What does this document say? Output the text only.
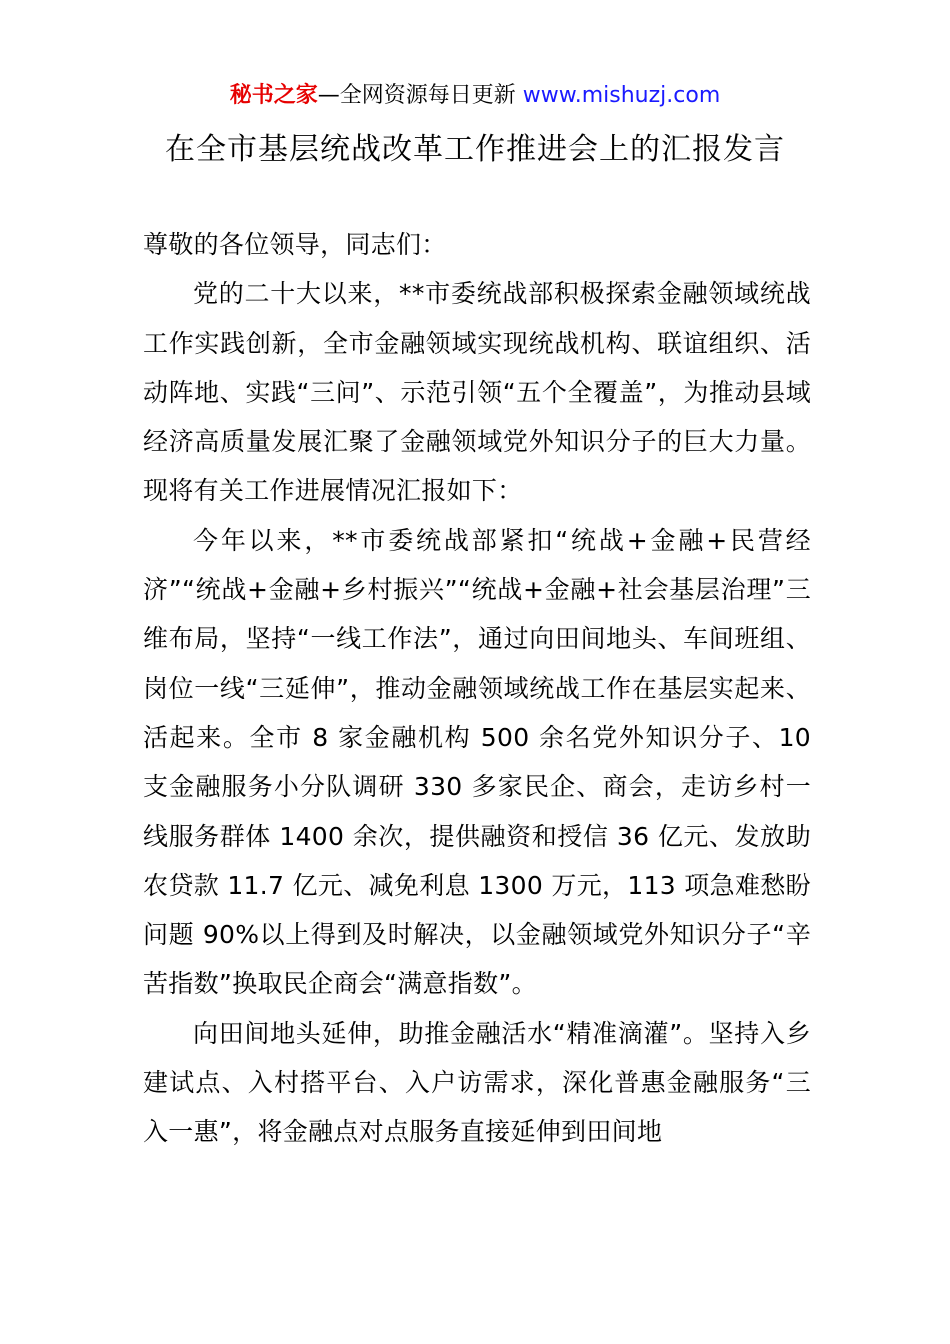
秘书之家—全网资源每日更新 www.mishuzj.com
在全市基层统战改革工作推进会上的汇报发言

尊敬的各位领导，同志们：

党的二十大以来，**市委统战部积极探索金融领域统战工作实践创新，全市金融领域实现统战机构、联谊组织、活动阵地、实践“三问”、示范引领“五个全覆盖”，为推动县域经济高质量发展汇聚了金融领域党外知识分子的巨大力量。现将有关工作进展情况汇报如下：

今年以来，**市委统战部紧扣“统战+金融+民营经济”“统战+金融+乡村振兴”“统战+金融+社会基层治理”三维布局，坚持“一线工作法”，通过向田间地头、车间班组、岗位一线“三延伸”，推动金融领域统战工作在基层实起来、活起来。全市 8 家金融机构 500 余名党外知识分子、10 支金融服务小分队调研 330 多家民企、商会，走访乡村一线服务群体 1400 余次，提供融资和授信 36 亿元、发放助农贷款 11.7 亿元、减免利息 1300 万元，113 项急难愁盼问题 90%以上得到及时解决，以金融领域党外知识分子“辛苦指数”换取民企商会“满意指数”。

向田间地头延伸，助推金融活水“精准滴灌”。坚持入乡建试点、入村搭平台、入户访需求，深化普惠金融服务“三入一惠”，将金融点对点服务直接延伸到田间地
